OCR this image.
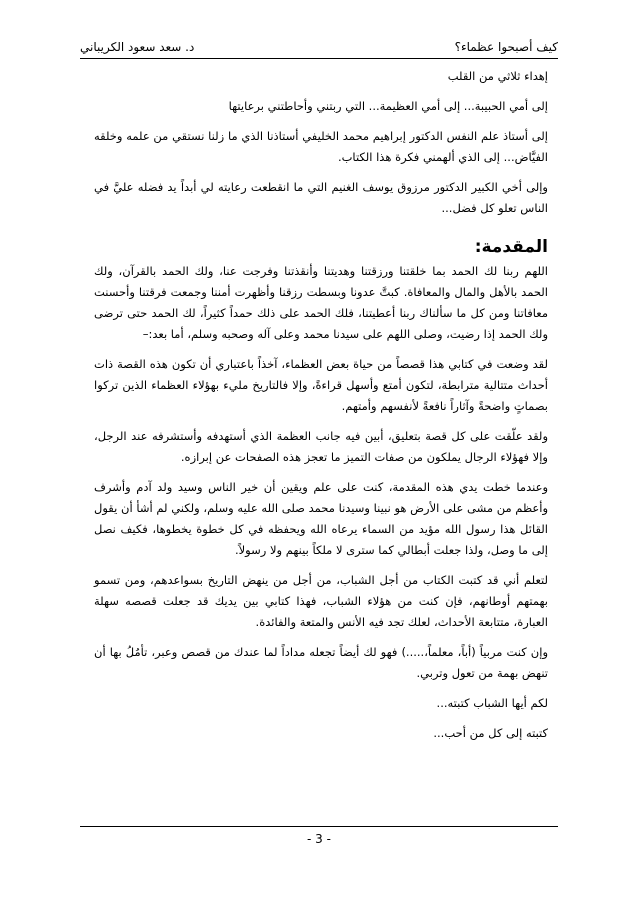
كيف أصبحوا عظماء؟
د. سعد سعود الكريباني

إهداء ثلاثي من القلب

إلى أمي الحبيبة... إلى أمي العظيمة... التي ربتني وأحاطتني برعايتها

إلى أستاذ علم النفس الدكتور إبراهيم محمد الخليفي أستاذنا الذي ما زلنا نستقي من علمه وخلقه الفيَّاض... إلى الذي ألهمني فكرة هذا الكتاب.

وإلى أخي الكبير الدكتور مرزوق يوسف الغنيم التي ما انقطعت رعايته لي أبداً يد فضله عليَّ في الناس تعلو كل فضل...

المقدمة:

اللهم ربنا لك الحمد بما خلقتنا ورزقتنا وهديتنا وأنقذتنا وفرجت عنا، ولك الحمد بالقرآن، ولك الحمد بالأهل والمال والمعافاة. كبتَّ عدونا وبسطت رزقنا وأظهرت أمننا وجمعت فرقتنا وأحسنت معافاتنا ومن كل ما سألناك ربنا أعطيتنا، فلك الحمد على ذلك حمداً كثيراً، لك الحمد حتى ترضى ولك الحمد إذا رضيت، وصلى اللهم على سيدنا محمد وعلى آله وصحبه وسلم، أما بعد:–

لقد وضعت في كتابي هذا قصصاً من حياة بعض العظماء، آخذاً باعتباري أن تكون هذه القصة ذات أحداث متتالية مترابطة، لتكون أمتع وأسهل قراءةً، وإلا فالتاريخ مليء بهؤلاء العظماء الذين تركوا بصماتٍ واضحةً وآثاراً نافعةً لأنفسهم وأمتهم.

ولقد علّقت على كل قصة بتعليق، أبين فيه جانب العظمة الذي أستهدفه وأستشرفه عند الرجل، وإلا فهؤلاء الرجال يملكون من صفات التميز ما تعجز هذه الصفحات عن إبرازه.

وعندما خطت يدي هذه المقدمة، كنت على علم ويقين أن خير الناس وسيد ولد آدم وأشرف وأعظم من مشى على الأرض هو نبينا وسيدنا محمد صلى الله عليه وسلم، ولكني لم أشأ أن يقول القائل هذا رسول الله مؤيد من السماء يرعاه الله ويحفظه في كل خطوة يخطوها، فكيف نصل إلى ما وصل، ولذا جعلت أبطالي كما سترى لا ملكاً بينهم ولا رسولاً.

لتعلم أني قد كتبت الكتاب من أجل الشباب، من أجل من ينهض التاريخ بسواعدهم، ومن تسمو بهمتهم أوطانهم، فإن كنت من هؤلاء الشباب، فهذا كتابي بين يديك قد جعلت قصصه سهلة العبارة، متتابعة الأحداث، لعلك تجد فيه الأنس والمتعة والفائدة.

وإن كنت مربياً (أباً، معلماً،.....) فهو لك أيضاً تجعله مداداً لما عندك من قصص وعبر، تأمُلُ بها أن تنهض بهمة من تعول وتربي.

لكم أيها الشباب كتبته...

كتبته إلى كل من أحب...

- 3 -
